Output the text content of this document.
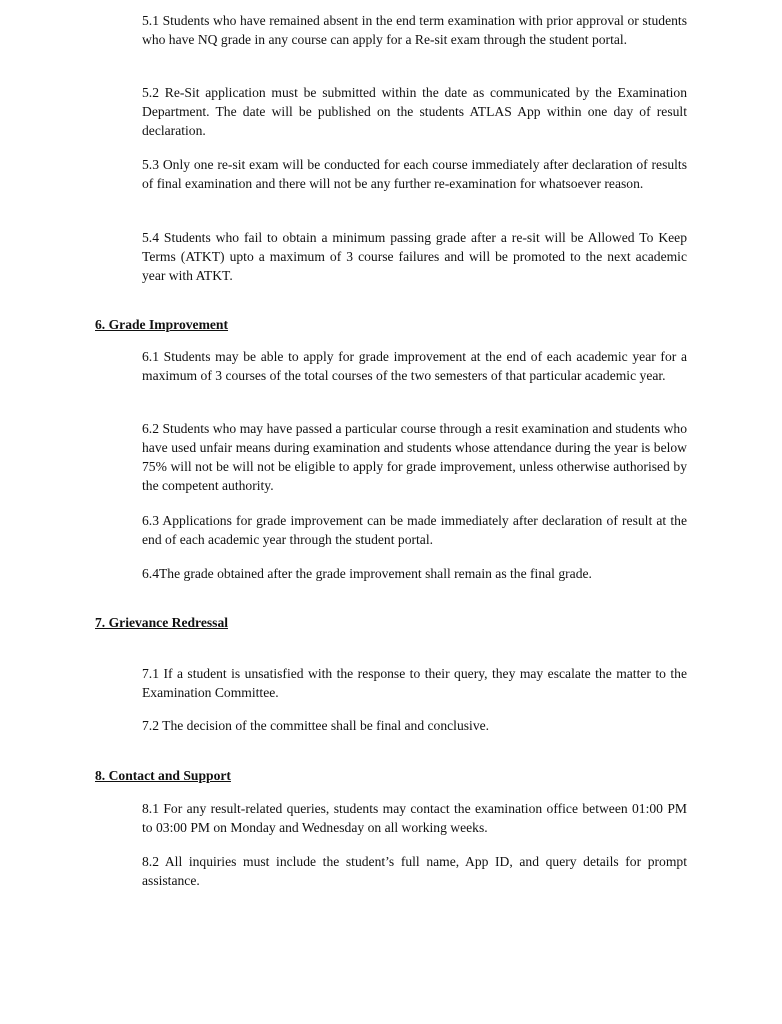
5.1 Students who have remained absent in the end term examination with prior approval or students who have NQ grade in any course can apply for a Re-sit exam through the student portal.

5.2 Re-Sit application must be submitted within the date as communicated by the Examination Department. The date will be published on the students ATLAS App within one day of result declaration.

5.3 Only one re-sit exam will be conducted for each course immediately after declaration of results of final examination and there will not be any further re-examination for whatsoever reason.

5.4 Students who fail to obtain a minimum passing grade after a re-sit will be Allowed To Keep Terms (ATKT) upto a maximum of 3 course failures and will be promoted to the next academic year with ATKT.

6. Grade Improvement

6.1 Students may be able to apply for grade improvement at the end of each academic year for a maximum of 3 courses of the total courses of the two semesters of that particular academic year.

6.2 Students who may have passed a particular course through a resit examination and students who have used unfair means during examination and students whose attendance during the year is below 75% will not be will not be eligible to apply for grade improvement, unless otherwise authorised by the competent authority.

6.3 Applications for grade improvement can be made immediately after declaration of result at the end of each academic year through the student portal.

6.4The grade obtained after the grade improvement shall remain as the final grade.

7. Grievance Redressal

7.1 If a student is unsatisfied with the response to their query, they may escalate the matter to the Examination Committee.

7.2 The decision of the committee shall be final and conclusive.

8. Contact and Support

8.1 For any result-related queries, students may contact the examination office between 01:00 PM to 03:00 PM on Monday and Wednesday on all working weeks.

8.2 All inquiries must include the student’s full name, App ID, and query details for prompt assistance.
